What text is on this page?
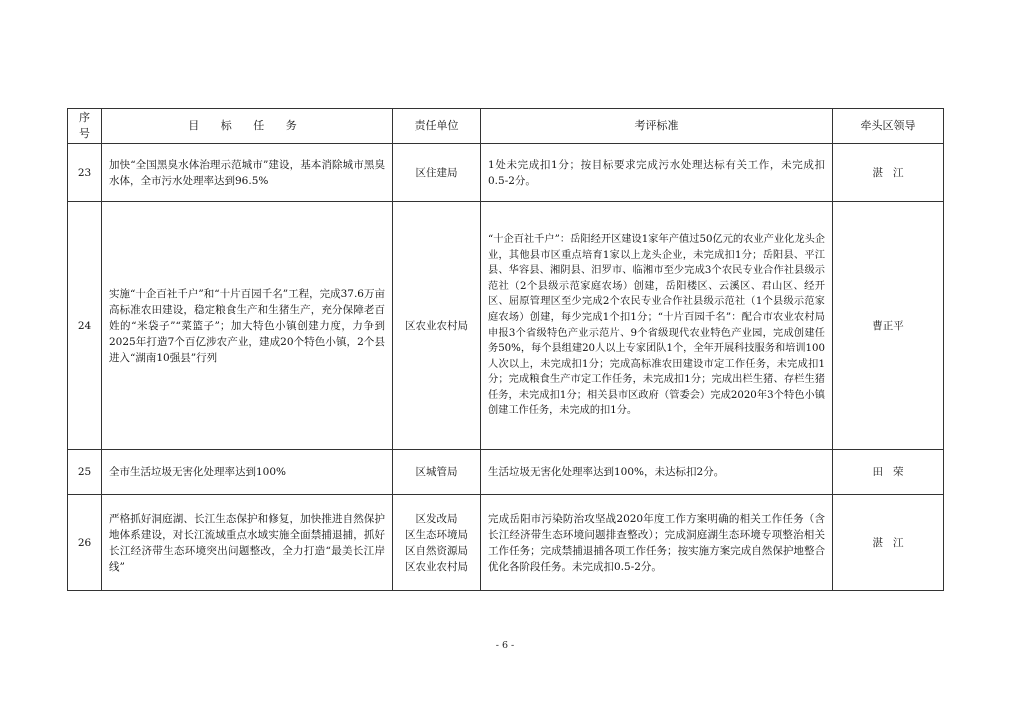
序号	目 标 任 务	责任单位	考评标准	牵头区领导
23	加快“全国黑臭水体治理示范城市”建设，基本消除城市黑臭水体，全市污水处理率达到96.5%	区住建局	1处未完成扣1分；按目标要求完成污水处理达标有关工作，未完成扣0.5-2分。	湛江
24	实施“十企百社千户”和“十片百园千名”工程，完成37.6万亩高标准农田建设，稳定粮食生产和生猪生产，充分保障老百姓的“米袋子”“菜篮子”；加大特色小镇创建力度，力争到2025年打造7个百亿涉农产业，建成20个特色小镇，2个县进入“湖南10强县”行列	区农业农村局	“十企百社千户”：岳阳经开区建设1家年产值过50亿元的农业产业化龙头企业，其他县市区重点培育1家以上龙头企业，未完成扣1分；岳阳县、平江县、华容县、湘阴县、汨罗市、临湘市至少完成3个农民专业合作社县级示范社（2个县级示范家庭农场）创建，岳阳楼区、云溪区、君山区、经开区、屈原管理区至少完成2个农民专业合作社县级示范社（1个县级示范家庭农场）创建，每少完成1个扣1分；“十片百园千名”：配合市农业农村局申报3个省级特色产业示范片、9个省级现代农业特色产业园，完成创建任务50%，每个县组建20人以上专家团队1个，全年开展科技服务和培训100人次以上，未完成扣1分；完成高标准农田建设市定工作任务，未完成扣1分；完成粮食生产市定工作任务，未完成扣1分；完成出栏生猪、存栏生猪任务，未完成扣1分；相关县市区政府（管委会）完成2020年3个特色小镇创建工作任务，未完成的扣1分。	曹正平
25	全市生活垃圾无害化处理率达到100%	区城管局	生活垃圾无害化处理率达到100%，未达标扣2分。	田荣
26	严格抓好洞庭湖、长江生态保护和修复，加快推进自然保护地体系建设，对长江流域重点水域实施全面禁捕退捕，抓好长江经济带生态环境突出问题整改，全力打造“最美长江岸线”	区发改局
区生态环境局
区自然资源局
区农业农村局	完成岳阳市污染防治攻坚战2020年度工作方案明确的相关工作任务（含长江经济带生态环境问题排查整改）；完成洞庭湖生态环境专项整治相关工作任务；完成禁捕退捕各项工作任务；按实施方案完成自然保护地整合优化各阶段任务。未完成扣0.5-2分。	湛江
- 6 -
